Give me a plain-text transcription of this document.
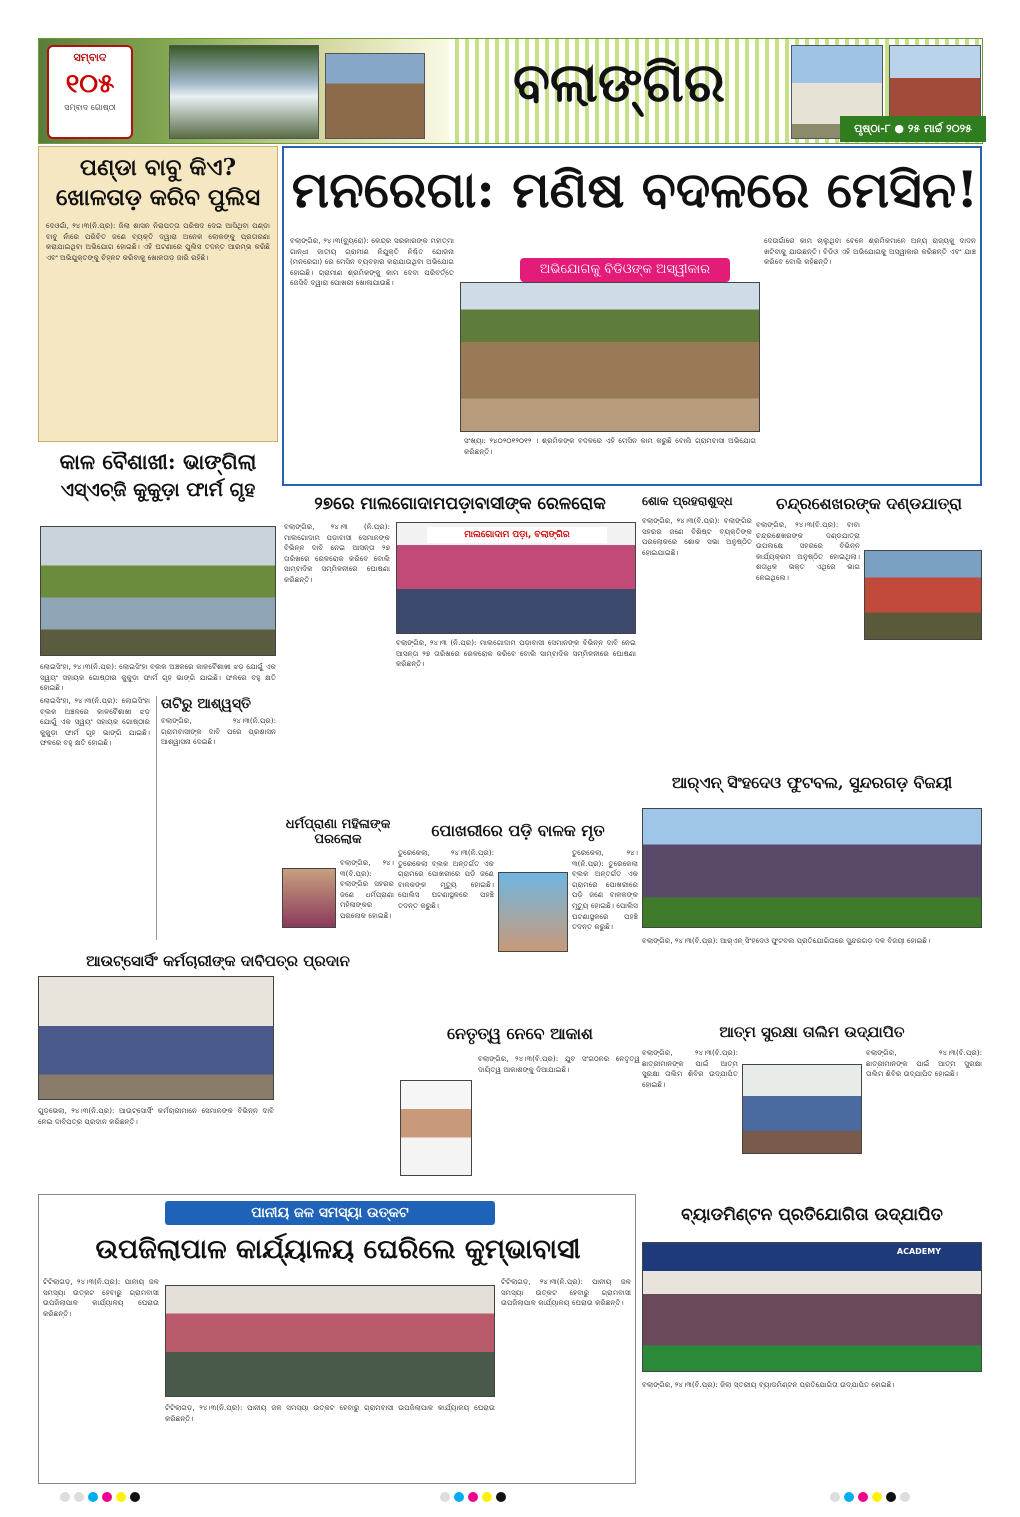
ସମ୍ବାଦ
୧୦୫
ସମ୍ବାଦ ଗୋଷ୍ଠୀ	ବଲାଙ୍ଗିର
ପୃଷ୍ଠା-୮ ● ୨୫ ମାର୍ଚ୍ଚ ୨୦୨୫
ପଣ୍ଡା ବାବୁ କିଏ? ଖୋଳତାଡ଼ କରିବ ପୁଲିସ
ଦେଓଗାଁ, ୨୪।୩(ନି.ପ୍ର): ଜିଲା ଶାସନ ନିରାପତ୍ତା ପରିଷଦ ଦେଇ ଆସିଥିବା ପଣ୍ଡା ବାବୁ ନାଁରେ ପରିଚିତ ଜଣେ ବ୍ୟକ୍ତି ଦ୍ୱାରା ଅନେକ ଲୋକଙ୍କୁ ପ୍ରତାରଣା କରାଯାଇଥିବା ଅଭିଯୋଗ ହୋଇଛି। ଏହି ଘଟଣାରେ ପୁଲିସ ତଦନ୍ତ ଆରମ୍ଭ କରିଛି ଏବଂ ଅଭିଯୁକ୍ତଙ୍କୁ ଚିହ୍ନଟ କରିବାକୁ ଖୋଳତାଡ଼ ଜାରି ରହିଛି।
ମନରେଗା: ମଣିଷ ବଦଳରେ ମେସିନ!
ଅଭିଯୋଗକୁ ବିଡିଓଙ୍କ ଅସ୍ୱୀକାର
ବଲାଙ୍ଗିର, ୨୪।୩(ବ୍ୟୁରୋ): କେନ୍ଦ୍ର ସରକାରଙ୍କ ମହାତ୍ମା ଗାନ୍ଧୀ ଜାତୀୟ ଗ୍ରାମୀଣ ନିଯୁକ୍ତି ନିଶ୍ଚିତ ଯୋଜନା (ମନରେଗା) ରେ ମେସିନ ବ୍ୟବହାର କରାଯାଉଥିବା ଅଭିଯୋଗ ହୋଇଛି। ଗ୍ରାମୀଣ ଶ୍ରମିକଙ୍କୁ କାମ ଦେବା ପରିବର୍ତ୍ତେ ଜେସିବି ଦ୍ୱାରା ପୋଖରୀ ଖୋଳାଯାଉଛି।
ସଂଖ୍ୟା: ୨୪୦୨୦୧୨୦୧୨ । ଶ୍ରମିକଙ୍କ ବଦଳରେ ଏହି ମେସିନ କାମ କରୁଛି ବୋଲି ଗ୍ରାମବାସୀ ଅଭିଯୋଗ କରିଛନ୍ତି।
ଦେଉଗାଁରେ କାମ ଚାଲୁଥିବା ବେଳେ ଶ୍ରମିକମାନେ ଅନ୍ୟ ରାଜ୍ୟକୁ ଦାଦନ ଖଟିବାକୁ ଯାଉଛନ୍ତି। ବିଡିଓ ଏହି ଅଭିଯୋଗକୁ ଅସ୍ୱୀକାର କରିଛନ୍ତି ଏବଂ ଯାଞ୍ଚ କରିବେ ବୋଲି କହିଛନ୍ତି।
କାଳ ବୈଶାଖୀ: ଭାଙ୍ଗିଲା
ଏସ୍‌ଏଚ୍‌ଜି କୁକୁଡ଼ା ଫାର୍ମ ଗୃହ
ଲୋଇସିଂହା, ୨୪।୩(ନି.ପ୍ର): ଲୋଇସିଂହା ବ୍ଲକ ଅଞ୍ଚଳରେ କାଳବୈଶାଖୀ ଝଡ଼ ଯୋଗୁଁ ଏକ ସ୍ୱୟଂ ସହାୟକ ଗୋଷ୍ଠୀର କୁକୁଡ଼ା ଫାର୍ମ ଗୃହ ଭାଙ୍ଗି ଯାଇଛି। ଫଳରେ ବହୁ କ୍ଷତି ହୋଇଛି।
ଲୋଇସିଂହା, ୨୪।୩(ନି.ପ୍ର): ଲୋଇସିଂହା ବ୍ଲକ ଅଞ୍ଚଳରେ କାଳବୈଶାଖୀ ଝଡ଼ ଯୋଗୁଁ ଏକ ସ୍ୱୟଂ ସହାୟକ ଗୋଷ୍ଠୀର କୁକୁଡ଼ା ଫାର୍ମ ଗୃହ ଭାଙ୍ଗି ଯାଇଛି। ଫଳରେ ବହୁ କ୍ଷତି ହୋଇଛି।
ତାଟିରୁ ଆଶ୍ୱସ୍ତି
ବଲାଙ୍ଗିର, ୨୪।୩(ନି.ପ୍ର): ଗ୍ରାମବାସୀଙ୍କ ଦାବି ପରେ ପ୍ରଶାସନ ଆଶ୍ୱାସନା ଦେଇଛି।
୨୭ରେ ମାଲଗୋଦାମପଡ଼ାବାସୀଙ୍କ ରେଳରୋକ
ବଲାଙ୍ଗିର, ୨୪।୩ (ନି.ପ୍ର): ମାଲଗୋଦାମ ପଡ଼ାବାସୀ ସେମାନଙ୍କ ବିଭିନ୍ନ ଦାବି ନେଇ ଆସନ୍ତା ୨୭ ତାରିଖରେ ରେଳରୋକ କରିବେ ବୋଲି ସାମ୍ବାଦିକ ସମ୍ମିଳନୀରେ ଘୋଷଣା କରିଛନ୍ତି।
ମାଲଗୋଦାମ ପଡ଼ା, ବଲାଙ୍ଗିର
ବଲାଙ୍ଗିର, ୨୪।୩ (ନି.ପ୍ର): ମାଲଗୋଦାମ ପଡ଼ାବାସୀ ସେମାନଙ୍କ ବିଭିନ୍ନ ଦାବି ନେଇ ଆସନ୍ତା ୨୭ ତାରିଖରେ ରେଳରୋକ କରିବେ ବୋଲି ସାମ୍ବାଦିକ ସମ୍ମିଳନୀରେ ଘୋଷଣା କରିଛନ୍ତି।
ଶୋକ ପ୍ରହରାଶୁଦ୍ଧ
ବଲାଙ୍ଗିର, ୨୪।୩(ବି.ପ୍ର): ବଲାଙ୍ଗିର ସହରର ଜଣେ ବିଶିଷ୍ଟ ବ୍ୟକ୍ତିଙ୍କ ପରଲୋକରେ ଶୋକ ସଭା ଅନୁଷ୍ଠିତ ହୋଇଯାଇଛି।
ଚନ୍ଦ୍ରଶେଖରଙ୍କ ଦଣ୍ଡଯାତ୍ରା
ବଲାଙ୍ଗିର, ୨୪।୩(ବି.ପ୍ର): ବାବା ଚନ୍ଦ୍ରଶେଖରଙ୍କ ଦଣ୍ଡଯାତ୍ରା ଉପଲକ୍ଷେ ସହରରେ ବିଭିନ୍ନ କାର୍ଯ୍ୟକ୍ରମ ଅନୁଷ୍ଠିତ ହୋଇଥିଲା। ଶତାଧିକ ଭକ୍ତ ଏଥିରେ ଭାଗ ନେଇଥିଲେ।
ଧର୍ମପ୍ରାଣା ମହିଳାଙ୍କ
ପରଲୋକ
ବଲାଙ୍ଗିର, ୨୪।୩(ବି.ପ୍ର): ବଲାଙ୍ଗିର ସହରର ଜଣେ ଧର୍ମପ୍ରାଣା ମହିଳାଙ୍କର ପରଲୋକ ହୋଇଛି।
ପୋଖରୀରେ ପଡ଼ି ବାଳକ ମୃତ
ତୁରେକେଲା, ୨୪।୩(ନି.ପ୍ର): ତୁରେକେଲା ବ୍ଲକ ଅନ୍ତର୍ଗତ ଏକ ଗ୍ରାମରେ ପୋଖରୀରେ ପଡ଼ି ଜଣେ ବାଳକଙ୍କ ମୃତ୍ୟୁ ହୋଇଛି। ପୋଲିସ ଘଟଣାସ୍ଥଳରେ ପହଞ୍ଚି ତଦନ୍ତ କରୁଛି।
ତୁରେକେଲା, ୨୪।୩(ନି.ପ୍ର): ତୁରେକେଲା ବ୍ଲକ ଅନ୍ତର୍ଗତ ଏକ ଗ୍ରାମରେ ପୋଖରୀରେ ପଡ଼ି ଜଣେ ବାଳକଙ୍କ ମୃତ୍ୟୁ ହୋଇଛି। ପୋଲିସ ଘଟଣାସ୍ଥଳରେ ପହଞ୍ଚି ତଦନ୍ତ କରୁଛି।
ଆର୍‌ଏନ୍ ସିଂହଦେଓ ଫୁଟବଲ, ସୁନ୍ଦରଗଡ଼ ବିଜୟୀ
ବଲାଙ୍ଗିର, ୨୪।୩(ବି.ପ୍ର): ଆର୍‌ଏନ୍ ସିଂହଦେଓ ଫୁଟବଲ ପ୍ରତିଯୋଗିତାରେ ସୁନ୍ଦରଗଡ଼ ଦଳ ବିଜୟୀ ହୋଇଛି।
ଆଉଟ୍‌ସୋର୍ସିଂ କର୍ମଚାରୀଙ୍କ ଦାବିପତ୍ର ପ୍ରଦାନ
ଗୁଡ଼ଭେଲା, ୨୪।୩(ନି.ପ୍ର): ଆଉଟ୍‌ସୋର୍ସିଂ କର୍ମଚାରୀମାନେ ସେମାନଙ୍କ ବିଭିନ୍ନ ଦାବି ନେଇ ଦାବିପତ୍ର ପ୍ରଦାନ କରିଛନ୍ତି।
ନେତୃତ୍ୱ ନେବେ ଆକାଶ
ବଲାଙ୍ଗିର, ୨୪।୩(ବି.ପ୍ର): ଯୁବ ସଂଗଠନର ନେତୃତ୍ୱ ଦାୟିତ୍ୱ ଆକାଶଙ୍କୁ ଦିଆଯାଇଛି।
ଆତ୍ମ ସୁରକ୍ଷା ତାଲିମ ଉଦ୍‌ଯାପିତ
ବଲାଙ୍ଗିର, ୨୪।୩(ବି.ପ୍ର): ଛାତ୍ରୀମାନଙ୍କ ପାଇଁ ଆତ୍ମ ସୁରକ୍ଷା ତାଲିମ ଶିବିର ଉଦ୍‌ଯାପିତ ହୋଇଛି।
ବଲାଙ୍ଗିର, ୨୪।୩(ବି.ପ୍ର): ଛାତ୍ରୀମାନଙ୍କ ପାଇଁ ଆତ୍ମ ସୁରକ୍ଷା ତାଲିମ ଶିବିର ଉଦ୍‌ଯାପିତ ହୋଇଛି।
ପାନୀୟ ଜଳ ସମସ୍ୟା ଉତ୍କଟ
ଉପଜିଲାପାଳ କାର୍ଯ୍ୟାଳୟ ଘେରିଲେ କୁମ୍ଭାବାସୀ
ଟିଟିଲାଗଡ଼, ୨୪।୩(ନି.ପ୍ର): ପାନୀୟ ଜଳ ସମସ୍ୟା ଉତ୍କଟ ହେବାରୁ ଗ୍ରାମବାସୀ ଉପଜିଲାପାଳ କାର୍ଯ୍ୟାଳୟ ଘେରାଉ କରିଛନ୍ତି।
ଟିଟିଲାଗଡ଼, ୨୪।୩(ନି.ପ୍ର): ପାନୀୟ ଜଳ ସମସ୍ୟା ଉତ୍କଟ ହେବାରୁ ଗ୍ରାମବାସୀ ଉପଜିଲାପାଳ କାର୍ଯ୍ୟାଳୟ ଘେରାଉ କରିଛନ୍ତି।
ଟିଟିଲାଗଡ଼, ୨୪।୩(ନି.ପ୍ର): ପାନୀୟ ଜଳ ସମସ୍ୟା ଉତ୍କଟ ହେବାରୁ ଗ୍ରାମବାସୀ ଉପଜିଲାପାଳ କାର୍ଯ୍ୟାଳୟ ଘେରାଉ କରିଛନ୍ତି।
ବ୍ୟାଡମିଣ୍ଟନ ପ୍ରତିଯୋଗିତା ଉଦ୍‌ଯାପିତ
ACADEMY
ବଲାଙ୍ଗିର, ୨୪।୩(ବି.ପ୍ର): ଜିଲା ସ୍ତରୀୟ ବ୍ୟାଡମିଣ୍ଟନ ପ୍ରତିଯୋଗିତା ଉଦ୍‌ଯାପିତ ହୋଇଛି।
